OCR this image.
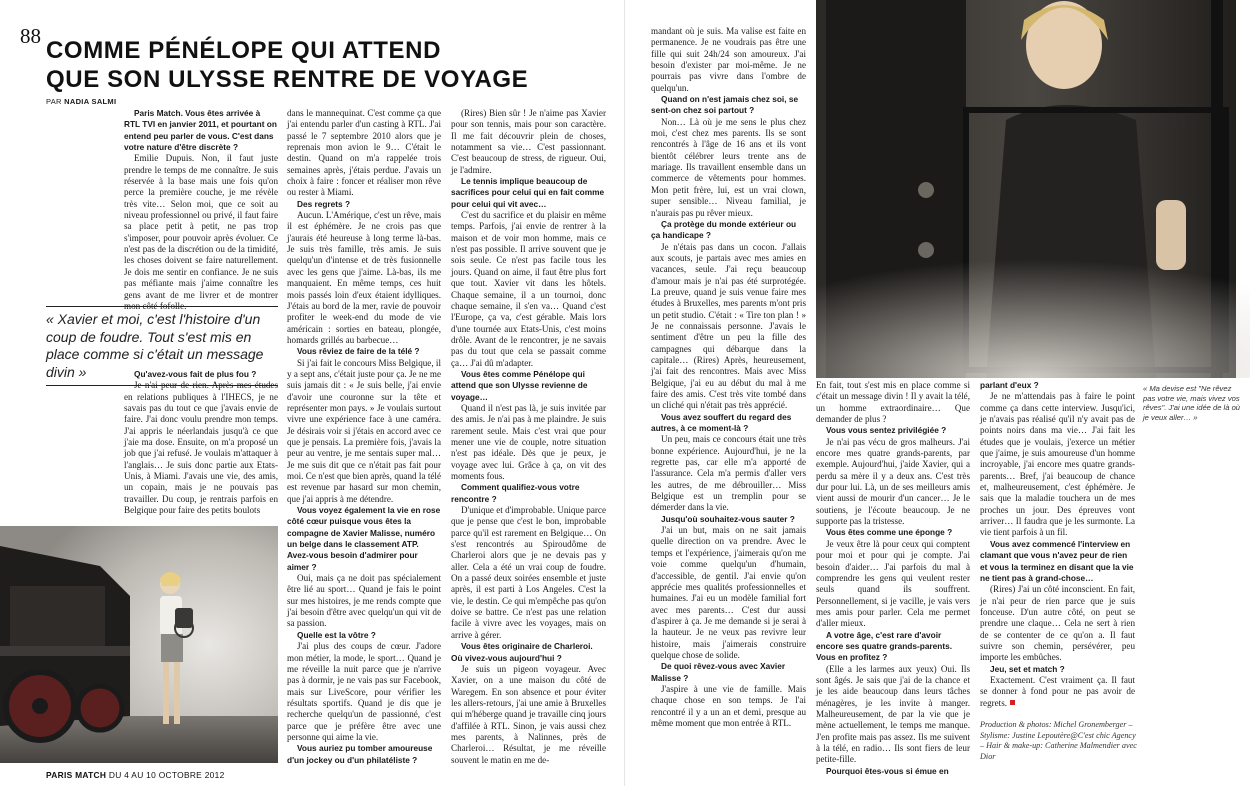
88
COMME PÉNÉLOPE QUI ATTEND
QUE SON ULYSSE RENTRE DE VOYAGE
PAR NADIA SALMI

Paris Match. Vous êtes arrivée à RTL TVI en janvier 2011, et pourtant on entend peu parler de vous. C'est dans votre nature d'être discrète ?

Emilie Dupuis. Non, il faut juste prendre le temps de me connaître. Je suis réservée à la base mais une fois qu'on perce la première couche, je me révèle très vite… Selon moi, que ce soit au niveau professionnel ou privé, il faut faire sa place petit à petit, ne pas trop s'imposer, pour pouvoir après évoluer. Ce n'est pas de la discrétion ou de la timidité, les choses doivent se faire naturellement. Je dois me sentir en confiance. Je ne suis pas méfiante mais j'aime connaître les gens avant de me livrer et de montrer mon côté fofolle.

« Xavier et moi, c'est l'histoire d'un coup de foudre. Tout s'est mis en place comme si c'était un message divin »	Qu'avez-vous fait de plus fou ?

Je n'ai peur de rien. Après mes études en relations publiques à l'IHECS, je ne savais pas du tout ce que j'avais envie de faire. J'ai donc voulu prendre mon temps. J'ai appris le néerlandais jusqu'à ce que j'aie ma dose. Ensuite, on m'a proposé un job que j'ai refusé. Je voulais m'attaquer à l'anglais… Je suis donc partie aux Etats-Unis, à Miami. J'avais une vie, des amis, un copain, mais je ne pouvais pas travailler. Du coup, je rentrais parfois en Belgique pour faire des petits boulots

dans le mannequinat. C'est comme ça que j'ai entendu parler d'un casting à RTL. J'ai passé le 7 septembre 2010 alors que je reprenais mon avion le 9… C'était le destin. Quand on m'a rappelée trois semaines après, j'étais perdue. J'avais un choix à faire : foncer et réaliser mon rêve ou rester à Miami.

Des regrets ?

Aucun. L'Amérique, c'est un rêve, mais il est éphémère. Je ne crois pas que j'aurais été heureuse à long terme là-bas. Je suis très famille, très amis. Je suis quelqu'un d'intense et de très fusionnelle avec les gens que j'aime. Là-bas, ils me manquaient. En même temps, ces huit mois passés loin d'eux étaient idylliques. J'étais au bord de la mer, ravie de pouvoir profiter le week-end du mode de vie américain : sorties en bateau, plongée, homards grillés au barbecue…

Vous rêviez de faire de la télé ?

Si j'ai fait le concours Miss Belgique, il y a sept ans, c'était juste pour ça. Je ne me suis jamais dit : « Je suis belle, j'ai envie d'avoir une couronne sur la tête et représenter mon pays. » Je voulais surtout vivre une expérience face à une caméra. Je désirais voir si j'étais en accord avec ce que je pensais. La première fois, j'avais la peur au ventre, je me sentais super mal… Je me suis dit que ce n'était pas fait pour moi. Ce n'est que bien après, quand la télé est revenue par hasard sur mon chemin, que j'ai appris à me détendre.

Vous voyez également la vie en rose côté cœur puisque vous êtes la compagne de Xavier Malisse, numéro un belge dans le classement ATP. Avez-vous besoin d'admirer pour aimer ?

Oui, mais ça ne doit pas spécialement être lié au sport… Quand je fais le point sur mes histoires, je me rends compte que j'ai besoin d'être avec quelqu'un qui vit de sa passion.

Quelle est la vôtre ?

J'ai plus des coups de cœur. J'adore mon métier, la mode, le sport… Quand je me réveille la nuit parce que je n'arrive pas à dormir, je ne vais pas sur Facebook, mais sur LiveScore, pour vérifier les résultats sportifs. Quand je dis que je recherche quelqu'un de passionné, c'est parce que je préfère être avec une personne qui aime la vie.

Vous auriez pu tomber amoureuse d'un jockey ou d'un philatéliste ?

(Rires) Bien sûr ! Je n'aime pas Xavier pour son tennis, mais pour son caractère. Il me fait découvrir plein de choses, notamment sa vie… C'est passionnant. C'est beaucoup de stress, de rigueur. Oui, je l'admire.

Le tennis implique beaucoup de sacrifices pour celui qui en fait comme pour celui qui vit avec…

C'est du sacrifice et du plaisir en même temps. Parfois, j'ai envie de rentrer à la maison et de voir mon homme, mais ce n'est pas possible. Il arrive souvent que je sois seule. Ce n'est pas facile tous les jours. Quand on aime, il faut être plus fort que tout. Xavier vit dans les hôtels. Chaque semaine, il a un tournoi, donc chaque semaine, il s'en va… Quand c'est l'Europe, ça va, c'est gérable. Mais lors d'une tournée aux Etats-Unis, c'est moins drôle. Avant de le rencontrer, je ne savais pas du tout que cela se passait comme ça… J'ai dû m'adapter.

Vous êtes comme Pénélope qui attend que son Ulysse revienne de voyage…

Quand il n'est pas là, je suis invitée par des amis. Je n'ai pas à me plaindre. Je suis rarement seule. Mais c'est vrai que pour mener une vie de couple, notre situation n'est pas idéale. Dès que je peux, je voyage avec lui. Grâce à ça, on vit des moments fous.

Comment qualifiez-vous votre rencontre ?

D'unique et d'improbable. Unique parce que je pense que c'est le bon, improbable parce qu'il est rarement en Belgique… On s'est rencontrés au Spiroudôme de Charleroi alors que je ne devais pas y aller. Cela a été un vrai coup de foudre. On a passé deux soirées ensemble et juste après, il est parti à Los Angeles. C'est la vie, le destin. Ce qui m'empêche pas qu'on doive se battre. Ce n'est pas une relation facile à vivre avec les voyages, mais on arrive à gérer.

Vous êtes originaire de Charleroi. Où vivez-vous aujourd'hui ?

Je suis un pigeon voyageur. Avec Xavier, on a une maison du côté de Waregem. En son absence et pour éviter les allers-retours, j'ai une amie à Bruxelles qui m'héberge quand je travaille cinq jours d'affilée à RTL. Sinon, je vais aussi chez mes parents, à Nalinnes, près de Charleroi… Résultat, je me réveille souvent le matin en me de-

mandant où je suis. Ma valise est faite en permanence. Je ne voudrais pas être une fille qui suit 24h/24 son amoureux. J'ai besoin d'exister par moi-même. Je ne pourrais pas vivre dans l'ombre de quelqu'un.

Quand on n'est jamais chez soi, se sent-on chez soi partout ?

Non… Là où je me sens le plus chez moi, c'est chez mes parents. Ils se sont rencontrés à l'âge de 16 ans et ils vont bientôt célébrer leurs trente ans de mariage. Ils travaillent ensemble dans un commerce de vêtements pour hommes. Mon petit frère, lui, est un vrai clown, super sensible… Niveau familial, je n'aurais pas pu rêver mieux.

Ça protège du monde extérieur ou ça handicape ?

Je n'étais pas dans un cocon. J'allais aux scouts, je partais avec mes amies en vacances, seule. J'ai reçu beaucoup d'amour mais je n'ai pas été surprotégée. La preuve, quand je suis venue faire mes études à Bruxelles, mes parents m'ont pris un petit studio. C'était : « Tire ton plan ! » Je ne connaissais personne. J'avais le sentiment d'être un peu la fille des campagnes qui débarque dans la capitale… (Rires) Après, heureusement, j'ai fait des rencontres. Mais avec Miss Belgique, j'ai eu au début du mal à me faire des amis. C'est très vite tombé dans un cliché qui n'était pas très apprécié.

Vous avez souffert du regard des autres, à ce moment-là ?

Un peu, mais ce concours était une très bonne expérience. Aujourd'hui, je ne la regrette pas, car elle m'a apporté de l'assurance. Cela m'a permis d'aller vers les autres, de me débrouiller… Miss Belgique est un tremplin pour se démerder dans la vie.

Jusqu'où souhaitez-vous sauter ?

J'ai un but, mais on ne sait jamais quelle direction on va prendre. Avec le temps et l'expérience, j'aimerais qu'on me voie comme quelqu'un d'humain, d'accessible, de gentil. J'ai envie qu'on apprécie mes qualités professionnelles et humaines. J'ai eu un modèle familial fort avec mes parents… C'est dur aussi d'aspirer à ça. Je me demande si je serai à la hauteur. Je ne veux pas revivre leur histoire, mais j'aimerais construire quelque chose de solide.

De quoi rêvez-vous avec Xavier Malisse ?

J'aspire à une vie de famille. Mais chaque chose en son temps. Je l'ai rencontré il y a un an et demi, presque au même moment que mon entrée à RTL.

En fait, tout s'est mis en place comme si c'était un message divin ! Il y avait la télé, un homme extraordinaire… Que demander de plus ?

Vous vous sentez privilégiée ?

Je n'ai pas vécu de gros malheurs. J'ai encore mes quatre grands-parents, par exemple. Aujourd'hui, j'aide Xavier, qui a perdu sa mère il y a deux ans. C'est très dur pour lui. Là, un de ses meilleurs amis vient aussi de mourir d'un cancer… Je le soutiens, je l'écoute beaucoup. Je ne supporte pas la tristesse.

Vous êtes comme une éponge ?

Je veux être là pour ceux qui comptent pour moi et pour qui je compte. J'ai besoin d'aider… J'ai parfois du mal à comprendre les gens qui veulent rester seuls quand ils souffrent. Personnellement, si je vacille, je vais vers mes amis pour parler. Cela me permet d'aller mieux.

A votre âge, c'est rare d'avoir encore ses quatre grands-parents. Vous en profitez ?

(Elle a les larmes aux yeux) Oui. Ils sont âgés. Je sais que j'ai de la chance et je les aide beaucoup dans leurs tâches ménagères, je les invite à manger. Malheureusement, de par la vie que je mène actuellement, le temps me manque. J'en profite mais pas assez. Ils me suivent à la télé, en radio… Ils sont fiers de leur petite-fille.

Pourquoi êtes-vous si émue en

parlant d'eux ?

Je ne m'attendais pas à faire le point comme ça dans cette interview. Jusqu'ici, je n'avais pas réalisé qu'il n'y avait pas de points noirs dans ma vie… J'ai fait les études que je voulais, j'exerce un métier que j'aime, je suis amoureuse d'un homme incroyable, j'ai encore mes quatre grands-parents… Bref, j'ai beaucoup de chance et, malheureusement, c'est éphémère. Je sais que la maladie touchera un de mes proches un jour. Des épreuves vont arriver… Il faudra que je les surmonte. La vie tient parfois à un fil.

Vous avez commencé l'interview en clamant que vous n'avez peur de rien et vous la terminez en disant que la vie ne tient pas à grand-chose…

(Rires) J'ai un côté inconscient. En fait, je n'ai peur de rien parce que je suis fonceuse. D'un autre côté, on peut se prendre une claque… Cela ne sert à rien de se contenter de ce qu'on a. Il faut suivre son chemin, persévérer, peu importe les embûches.

Jeu, set et match ?

Exactement. C'est vraiment ça. Il faut se donner à fond pour ne pas avoir de regrets.

Production & photos: Michel Gronemberger – Stylisme: Justine Lepoutère@C'est chic Agency – Hair & make-up: Catherine Malmendier avec Dior
« Ma devise est "Ne rêvez pas votre vie, mais vivez vos rêves". J'ai une idée de là où je veux aller… »
PARIS MATCH DU 4 AU 10 OCTOBRE 2012
